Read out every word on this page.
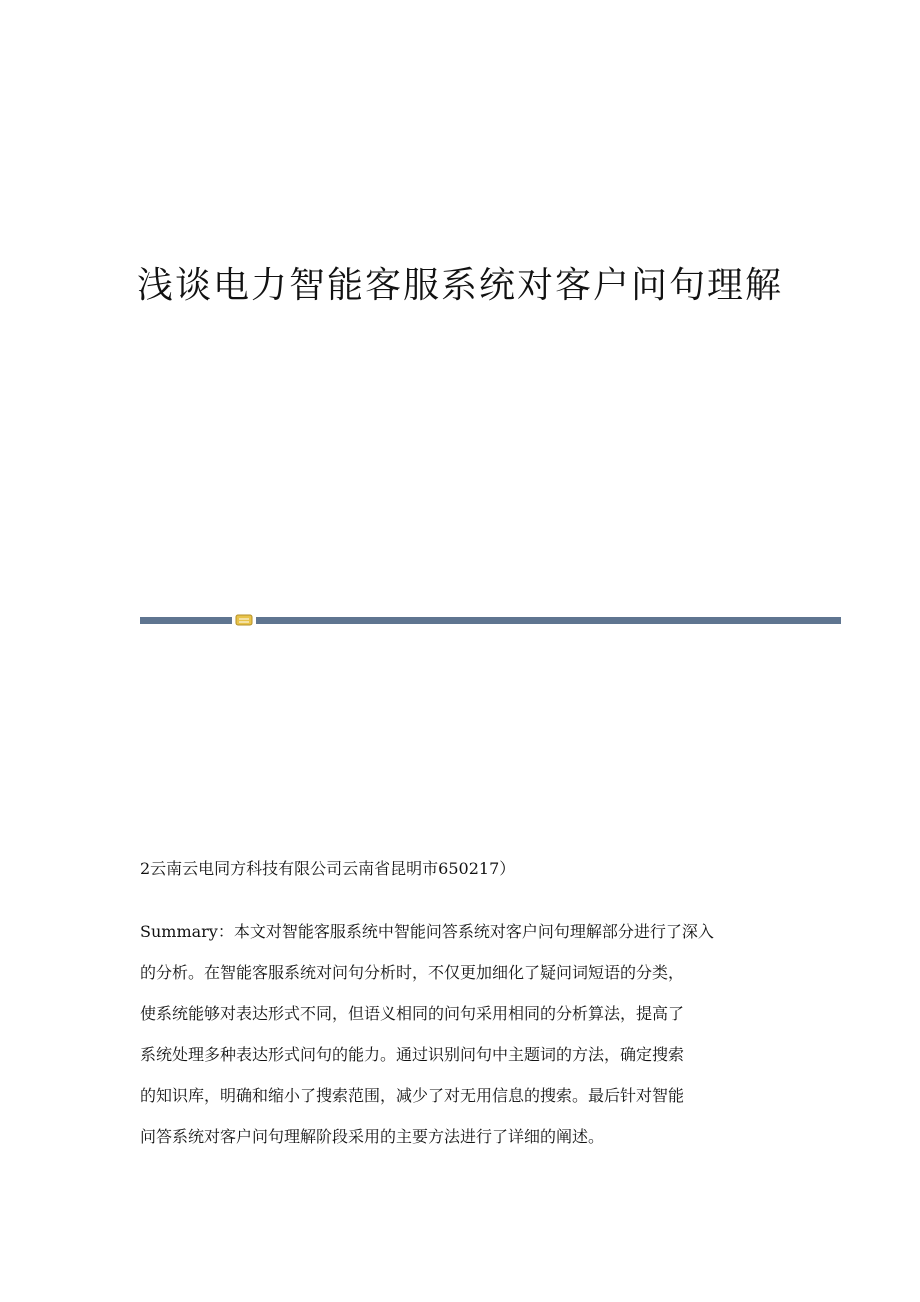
浅谈电力智能客服系统对客户问句理解

2云南云电同方科技有限公司云南省昆明市650217）

Summary：本文对智能客服系统中智能问答系统对客户问句理解部分进行了深入
的分析。在智能客服系统对问句分析时，不仅更加细化了疑问词短语的分类，
使系统能够对表达形式不同，但语义相同的问句采用相同的分析算法，提高了
系统处理多种表达形式问句的能力。通过识别问句中主题词的方法，确定搜索
的知识库，明确和缩小了搜索范围，减少了对无用信息的搜索。最后针对智能
问答系统对客户问句理解阶段采用的主要方法进行了详细的阐述。
